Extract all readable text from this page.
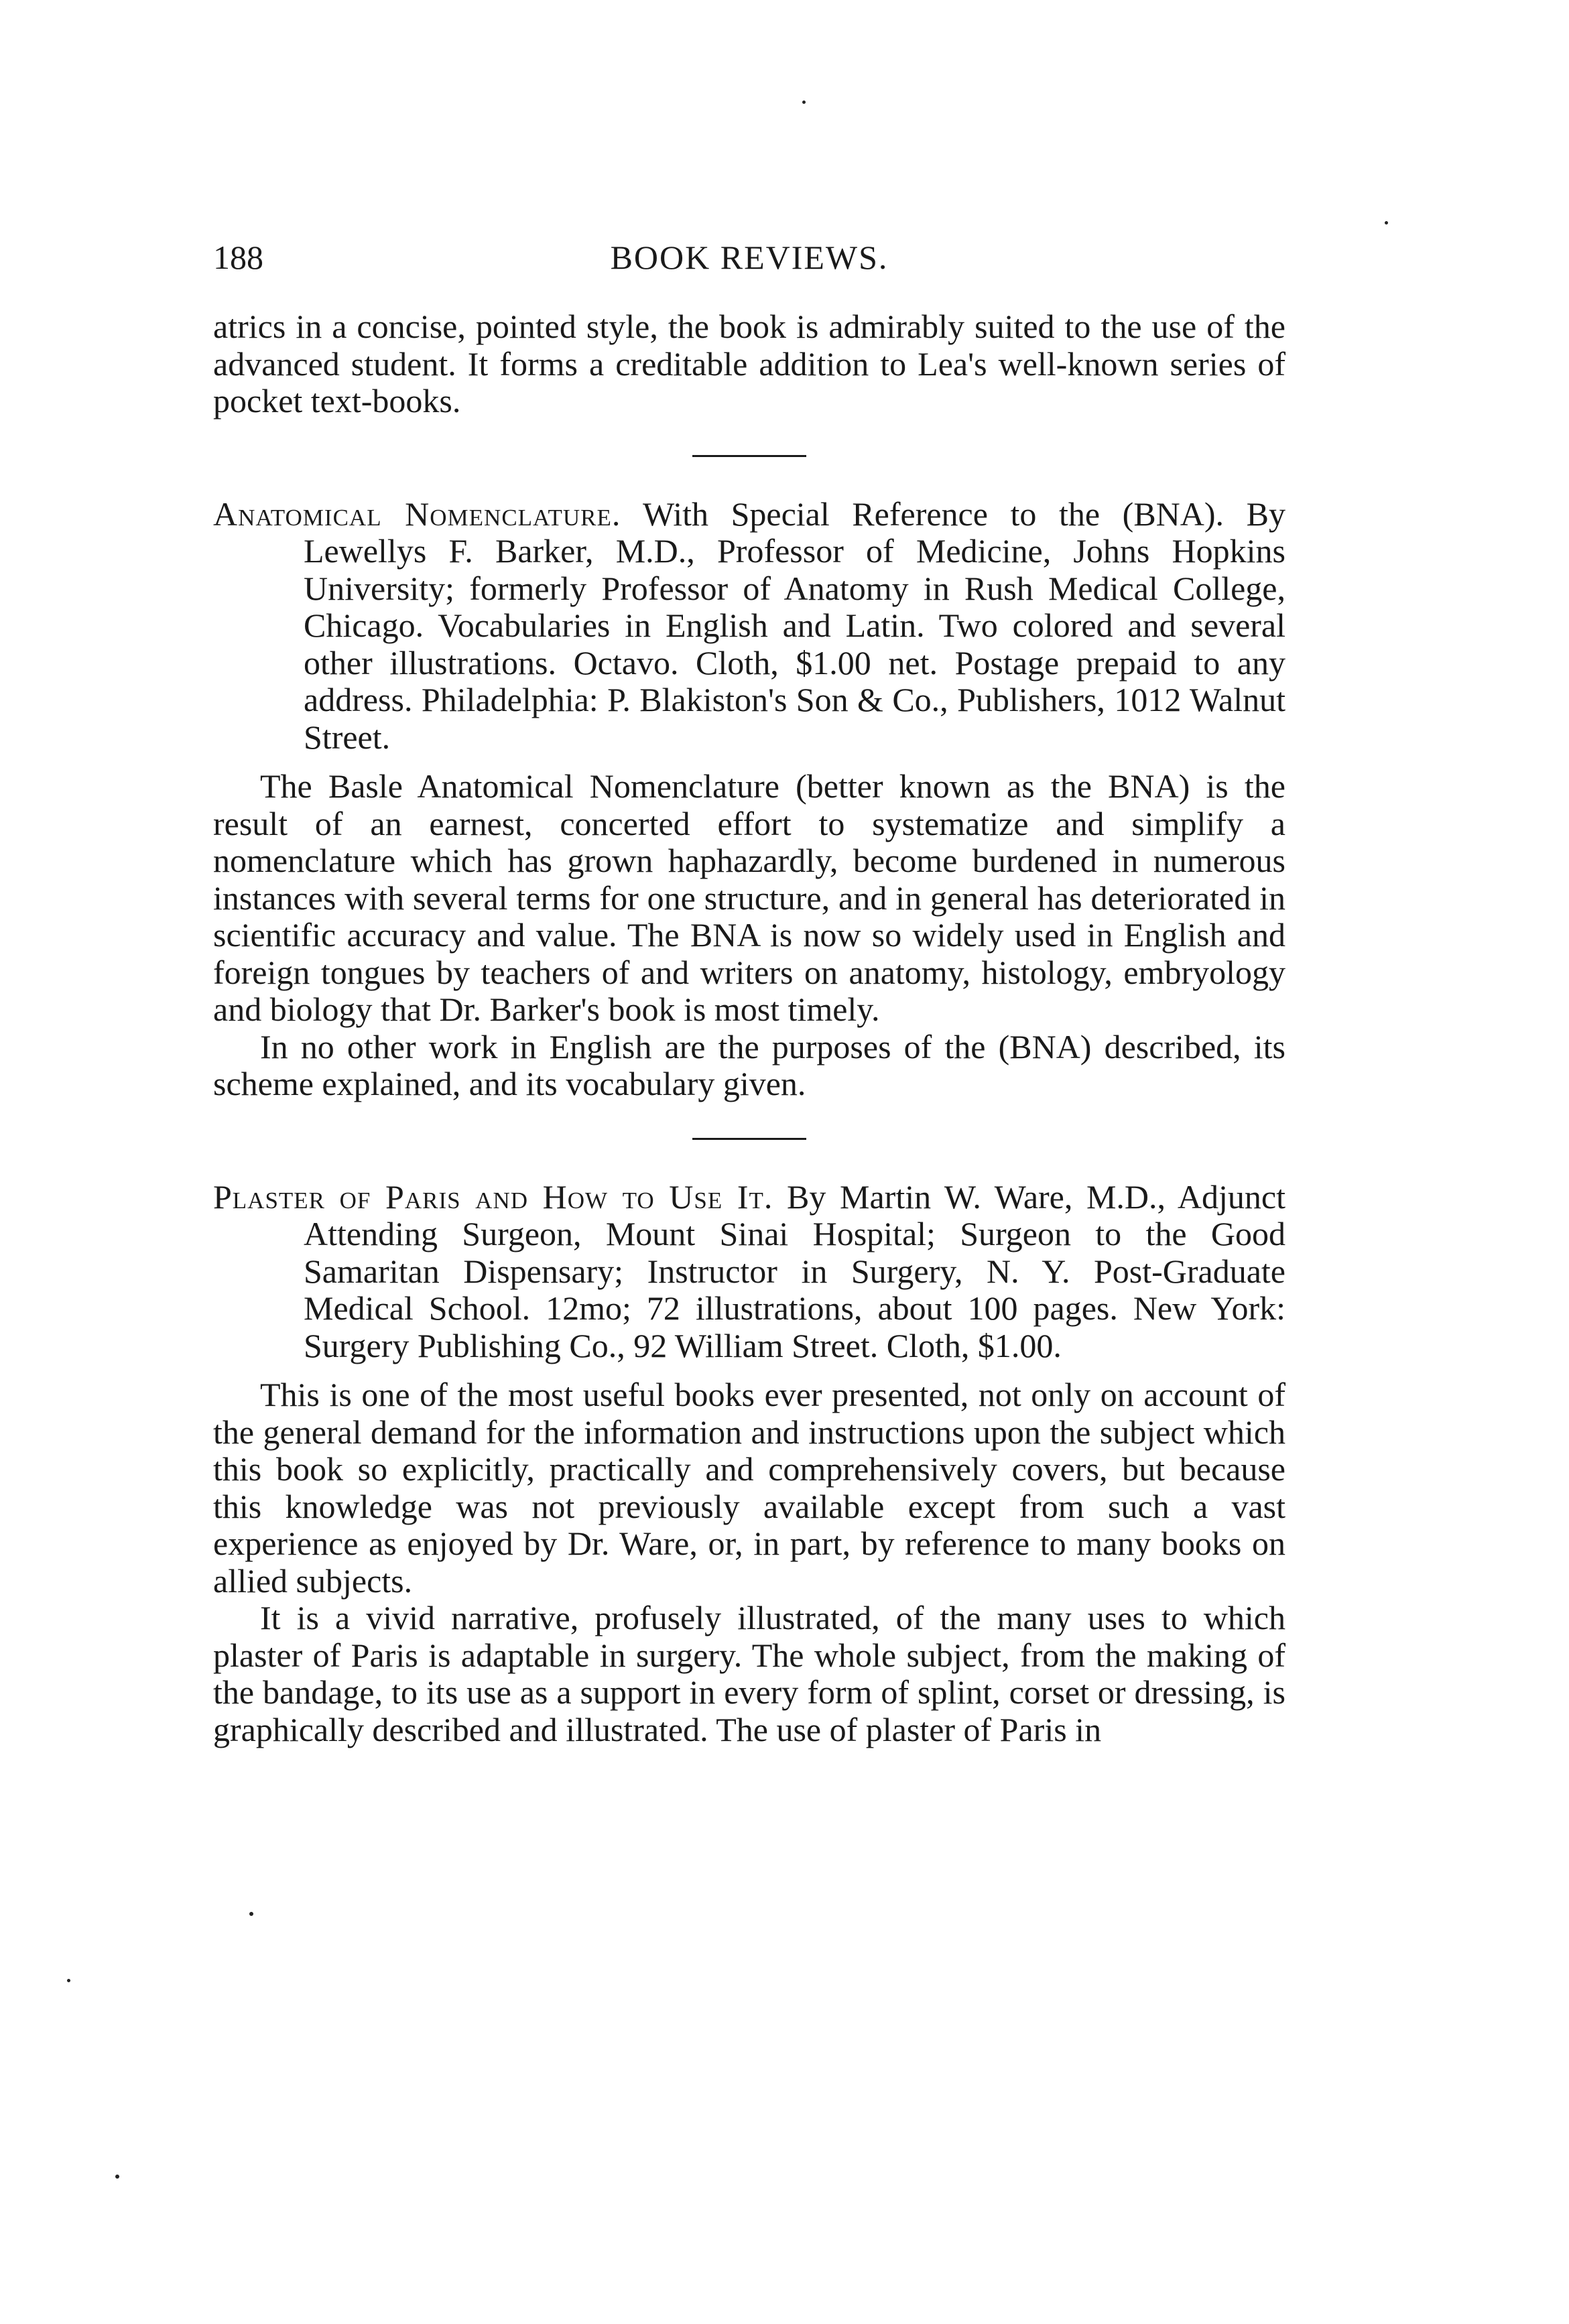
188	BOOK REVIEWS.

atrics in a concise, pointed style, the book is admirably suited to the use of the advanced student. It forms a creditable addition to Lea's well-known series of pocket text-books.

Anatomical Nomenclature. With Special Reference to the (BNA). By Lewellys F. Barker, M.D., Professor of Medicine, Johns Hopkins University; formerly Professor of Anatomy in Rush Medical College, Chicago. Vocabularies in English and Latin. Two colored and several other illustrations. Octavo. Cloth, $1.00 net. Postage prepaid to any address. Philadelphia: P. Blakiston's Son & Co., Publishers, 1012 Walnut Street.

The Basle Anatomical Nomenclature (better known as the BNA) is the result of an earnest, concerted effort to systematize and simplify a nomenclature which has grown haphazardly, become burdened in numerous instances with several terms for one structure, and in general has deteriorated in scientific accuracy and value. The BNA is now so widely used in English and foreign tongues by teachers of and writers on anatomy, histology, embryology and biology that Dr. Barker's book is most timely.

In no other work in English are the purposes of the (BNA) described, its scheme explained, and its vocabulary given.

Plaster of Paris and How to Use It. By Martin W. Ware, M.D., Adjunct Attending Surgeon, Mount Sinai Hospital; Surgeon to the Good Samaritan Dispensary; Instructor in Surgery, N. Y. Post-Graduate Medical School. 12mo; 72 illustrations, about 100 pages. New York: Surgery Publishing Co., 92 William Street. Cloth, $1.00.

This is one of the most useful books ever presented, not only on account of the general demand for the information and instructions upon the subject which this book so explicitly, practically and comprehensively covers, but because this knowledge was not previously available except from such a vast experience as enjoyed by Dr. Ware, or, in part, by reference to many books on allied subjects.

It is a vivid narrative, profusely illustrated, of the many uses to which plaster of Paris is adaptable in surgery. The whole subject, from the making of the bandage, to its use as a support in every form of splint, corset or dressing, is graphically described and illustrated. The use of plaster of Paris in
